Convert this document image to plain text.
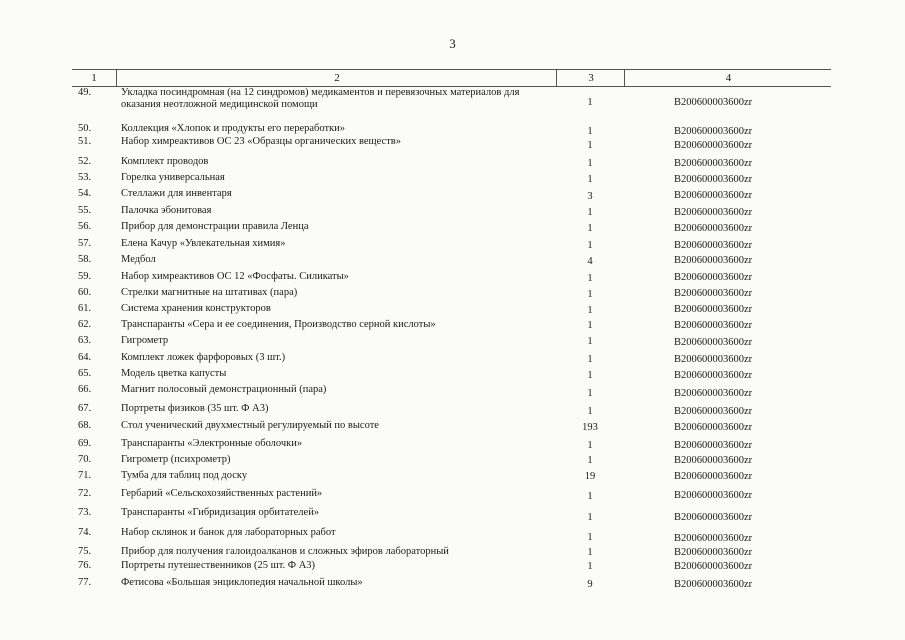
3
1	2	3	4
49.	Укладка посиндромная (на 12 синдромов) медикаментов и перевязочных материалов для оказания неотложной медицинской помощи	1	B200600003600zr
50.	Коллекция «Хлопок и продукты его переработки»	1	B200600003600zr
51.	Набор химреактивов ОС 23 «Образцы органических веществ»	1	B200600003600zr
52.	Комплект проводов	1	B200600003600zr
53.	Горелка универсальная	1	B200600003600zr
54.	Стеллажи для инвентаря	3	B200600003600zr
55.	Палочка эбонитовая	1	B200600003600zr
56.	Прибор для демонстрации правила Ленца	1	B200600003600zr
57.	Елена Качур «Увлекательная химия»	1	B200600003600zr
58.	Медбол	4	B200600003600zr
59.	Набор химреактивов ОС 12 «Фосфаты. Силикаты»	1	B200600003600zr
60.	Стрелки магнитные на штативах (пара)	1	B200600003600zr
61.	Система хранения конструкторов	1	B200600003600zr
62.	Транспаранты «Сера и ее соединения, Производство серной кислоты»	1	B200600003600zr
63.	Гигрометр	1	B200600003600zr
64.	Комплект ложек фарфоровых (3 шт.)	1	B200600003600zr
65.	Модель цветка капусты	1	B200600003600zr
66.	Магнит полосовый демонстрационный (пара)	1	B200600003600zr
67.	Портреты физиков (35 шт. Ф А3)	1	B200600003600zr
68.	Стол ученический двухместный регулируемый по высоте	193	B200600003600zr
69.	Транспаранты «Электронные оболочки»	1	B200600003600zr
70.	Гигрометр (психрометр)	1	B200600003600zr
71.	Тумба для таблиц под доску	19	B200600003600zr
72.	Гербарий «Сельскохозяйственных растений»	1	B200600003600zr
73.	Транспаранты «Гибридизация орбитателей»	1	B200600003600zr
74.	Набор склянок и банок для лабораторных работ	1	B200600003600zr
75.	Прибор для получения галоидоалканов и сложных эфиров лабораторный	1	B200600003600zr
76.	Портреты путешественников (25 шт. Ф А3)	1	B200600003600zr
77.	Фетисова «Большая энциклопедия начальной школы»	9	B200600003600zr
